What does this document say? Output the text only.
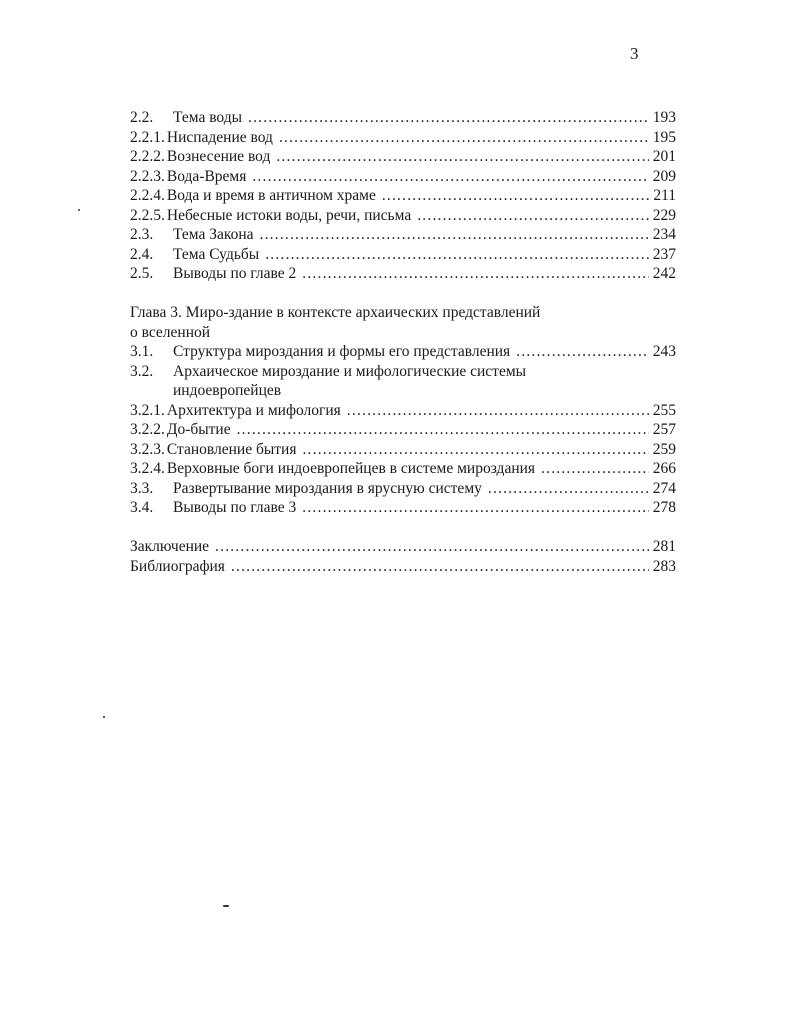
3
2.2.	Тема воды .....	193
2.2.1. Ниспадение вод .....	195
2.2.2. Вознесение вод .....	201
2.2.3. Вода-Время .....	209
2.2.4. Вода и время в античном храме .....	211
2.2.5. Небесные истоки воды, речи, письма .....	229
2.3.	Тема Закона .....	234
2.4.	Тема Судьбы .....	237
2.5.	Выводы по главе 2 .....	242
Глава 3. Миро-здание в контексте архаических представлений
о вселенной
3.1.	Структура мироздания и формы его представления .....	243
3.2.	Архаическое мироздание и мифологические системы
индоевропейцев
3.2.1. Архитектура и мифология .....	255
3.2.2. До-бытие .....	257
3.2.3. Становление бытия .....	259
3.2.4. Верховные боги индоевропейцев в системе мироздания .....	266
3.3.	Развертывание мироздания в ярусную систему .....	274
3.4.	Выводы по главе 3 .....	278
Заключение .....	281
Библиография .....	283
